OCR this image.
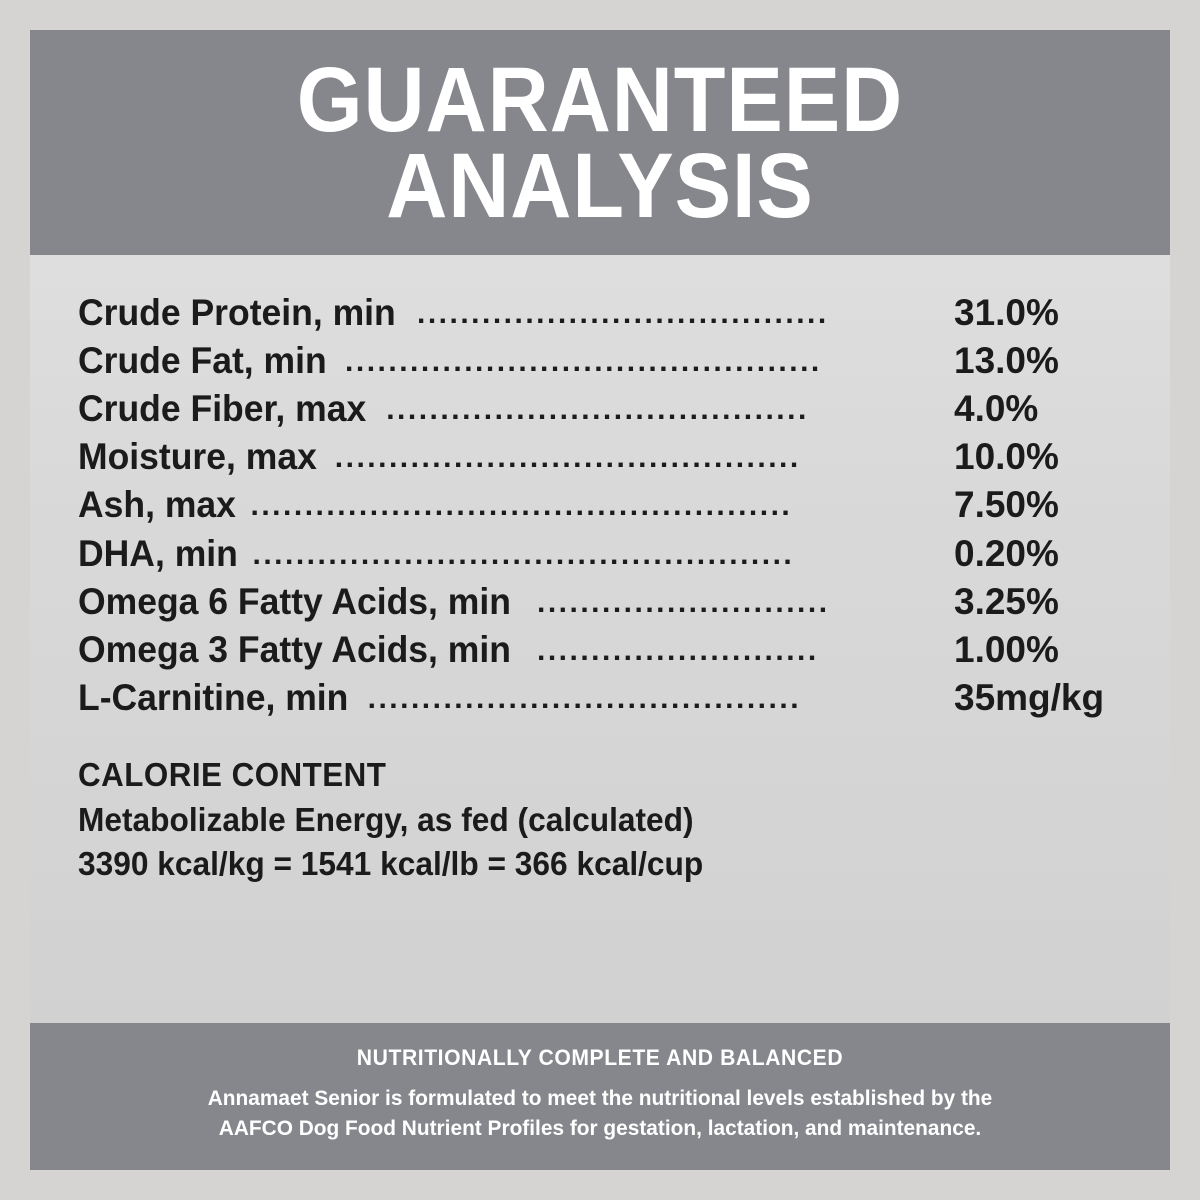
GUARANTEED
ANALYSIS
Crude Protein, min ......................................	31.0%
Crude Fat, min ............................................	13.0%
Crude Fiber, max .......................................	4.0%
Moisture, max ...........................................	10.0%
Ash, max ..................................................	7.50%
DHA, min ..................................................	0.20%
Omega 6 Fatty Acids, min ...........................	3.25%
Omega 3 Fatty Acids, min ..........................	1.00%
L-Carnitine, min ........................................	35mg/kg
CALORIE CONTENT
Metabolizable Energy, as fed (calculated)
3390 kcal/kg = 1541 kcal/lb = 366 kcal/cup
NUTRITIONALLY COMPLETE AND BALANCED
Annamaet Senior is formulated to meet the nutritional levels established by the
AAFCO Dog Food Nutrient Profiles for gestation, lactation, and maintenance.
